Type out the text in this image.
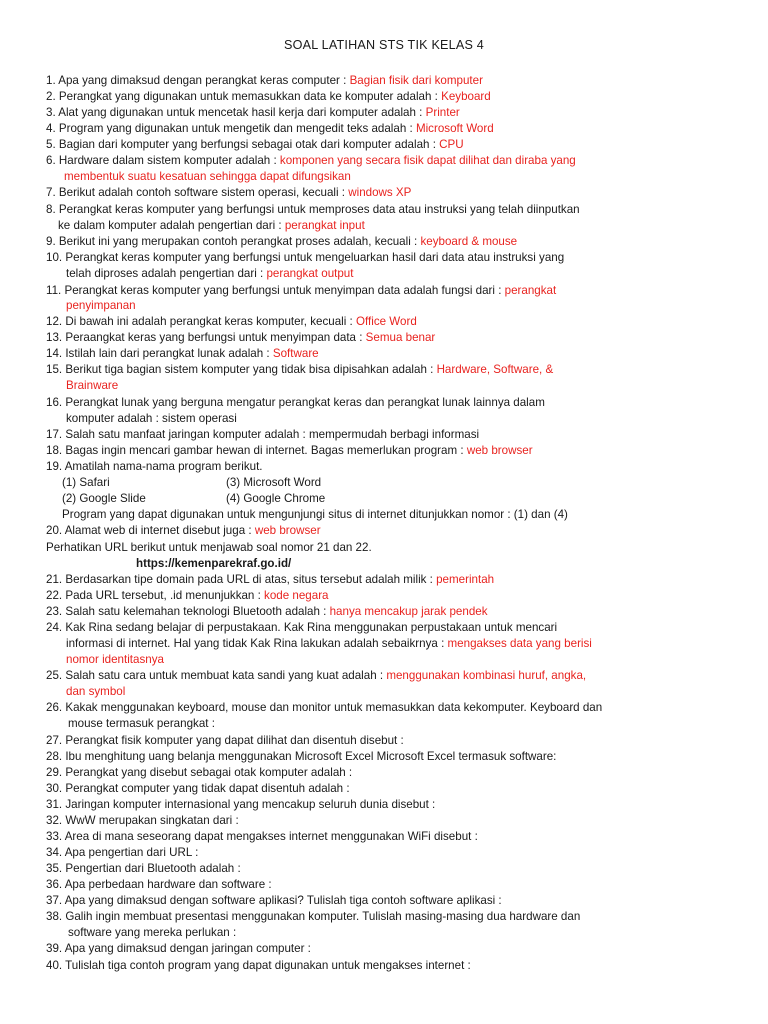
SOAL LATIHAN STS TIK KELAS 4
1. Apa yang dimaksud dengan perangkat keras computer : Bagian fisik dari komputer
2. Perangkat yang digunakan untuk memasukkan data ke komputer adalah : Keyboard
3. Alat yang digunakan untuk mencetak hasil kerja dari komputer adalah : Printer
4. Program yang digunakan untuk mengetik dan mengedit teks adalah : Microsoft Word
5. Bagian dari komputer yang berfungsi sebagai otak dari komputer adalah : CPU
6. Hardware dalam sistem komputer adalah : komponen yang secara fisik dapat dilihat dan diraba yang
membentuk suatu kesatuan sehingga dapat difungsikan
7. Berikut adalah contoh software sistem operasi, kecuali : windows XP
8. Perangkat keras komputer yang berfungsi untuk memproses data atau instruksi yang telah diinputkan
ke dalam komputer adalah pengertian dari : perangkat input
9. Berikut ini yang merupakan contoh perangkat proses adalah, kecuali : keyboard & mouse
10. Perangkat keras komputer yang berfungsi untuk mengeluarkan hasil dari data atau instruksi yang
telah diproses adalah pengertian dari : perangkat output
11. Perangkat keras komputer yang berfungsi untuk menyimpan data adalah fungsi dari : perangkat
penyimpanan
12. Di bawah ini adalah perangkat keras komputer, kecuali : Office Word
13. Peraangkat keras yang berfungsi untuk menyimpan data : Semua benar
14. Istilah lain dari perangkat lunak adalah : Software
15. Berikut tiga bagian sistem komputer yang tidak bisa dipisahkan adalah : Hardware, Software, &
Brainware
16. Perangkat lunak yang berguna mengatur perangkat keras dan perangkat lunak lainnya dalam
komputer adalah : sistem operasi
17. Salah satu manfaat jaringan komputer adalah : mempermudah berbagi informasi
18. Bagas ingin mencari gambar hewan di internet. Bagas memerlukan program : web browser
19. Amatilah nama-nama program berikut.
(1) Safari	(3) Microsoft Word
(2) Google Slide	(4) Google Chrome
Program yang dapat digunakan untuk mengunjungi situs di internet ditunjukkan nomor : (1) dan (4)
20. Alamat web di internet disebut juga : web browser
Perhatikan URL berikut untuk menjawab soal nomor 21 dan 22.
https://kemenparekraf.go.id/
21. Berdasarkan tipe domain pada URL di atas, situs tersebut adalah milik : pemerintah
22. Pada URL tersebut, .id menunjukkan : kode negara
23. Salah satu kelemahan teknologi Bluetooth adalah : hanya mencakup jarak pendek
24. Kak Rina sedang belajar di perpustakaan. Kak Rina menggunakan perpustakaan untuk mencari
informasi di internet. Hal yang tidak Kak Rina lakukan adalah sebaikrnya : mengakses data yang berisi
nomor identitasnya
25. Salah satu cara untuk membuat kata sandi yang kuat adalah : menggunakan kombinasi huruf, angka,
dan symbol
26. Kakak menggunakan keyboard, mouse dan monitor untuk memasukkan data kekomputer. Keyboard dan
mouse termasuk perangkat :
27. Perangkat fisik komputer yang dapat dilihat dan disentuh disebut :
28. Ibu menghitung uang belanja menggunakan Microsoft Excel Microsoft Excel termasuk software:
29. Perangkat yang disebut sebagai otak komputer adalah :
30. Perangkat computer yang tidak dapat disentuh adalah :
31. Jaringan komputer internasional yang mencakup seluruh dunia disebut :
32. WwW merupakan singkatan dari :
33. Area di mana seseorang dapat mengakses internet menggunakan WiFi disebut :
34. Apa pengertian dari URL :
35. Pengertian dari Bluetooth adalah :
36. Apa perbedaan hardware dan software :
37. Apa yang dimaksud dengan software aplikasi? Tulislah tiga contoh software aplikasi :
38. Galih ingin membuat presentasi menggunakan komputer. Tulislah masing-masing dua hardware dan
software yang mereka perlukan :
39. Apa yang dimaksud dengan jaringan computer :
40. Tulislah tiga contoh program yang dapat digunakan untuk mengakses internet :
